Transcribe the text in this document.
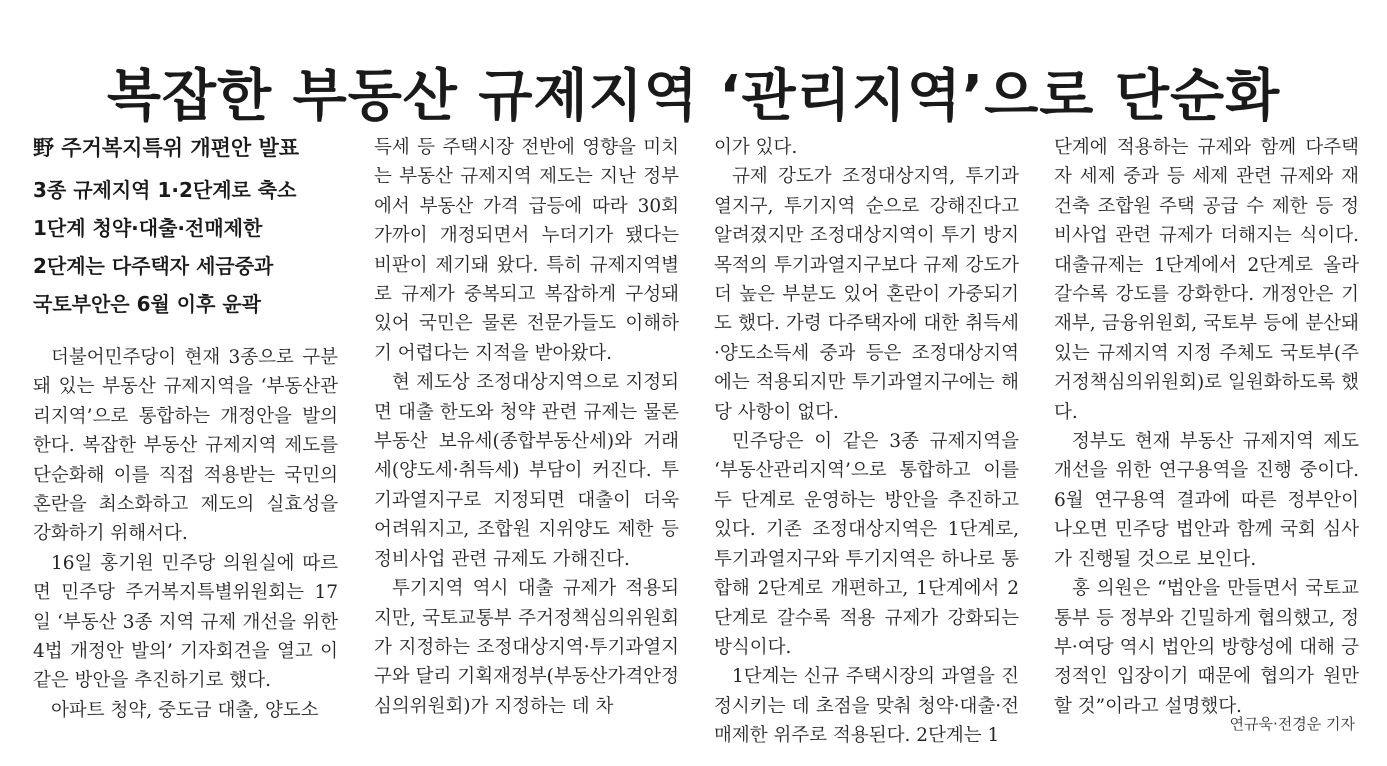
복잡한 부동산 규제지역 ‘관리지역’으로 단순화
野 주거복지특위 개편안 발표
3종 규제지역 1·2단계로 축소
1단계 청약·대출·전매제한
2단계는 다주택자 세금중과
국토부안은 6월 이후 윤곽

더불어민주당이 현재 3종으로 구분돼 있는 부동산 규제지역을 ‘부동산관리지역’으로 통합하는 개정안을 발의한다. 복잡한 부동산 규제지역 제도를 단순화해 이를 직접 적용받는 국민의 혼란을 최소화하고 제도의 실효성을 강화하기 위해서다.

16일 홍기원 민주당 의원실에 따르면 민주당 주거복지특별위원회는 17일 ‘부동산 3종 지역 규제 개선을 위한 4법 개정안 발의’ 기자회견을 열고 이 같은 방안을 추진하기로 했다.

아파트 청약, 중도금 대출, 양도소

득세 등 주택시장 전반에 영향을 미치는 부동산 규제지역 제도는 지난 정부에서 부동산 가격 급등에 따라 30회 가까이 개정되면서 누더기가 됐다는 비판이 제기돼 왔다. 특히 규제지역별로 규제가 중복되고 복잡하게 구성돼 있어 국민은 물론 전문가들도 이해하기 어렵다는 지적을 받아왔다.

현 제도상 조정대상지역으로 지정되면 대출 한도와 청약 관련 규제는 물론 부동산 보유세(종합부동산세)와 거래세(양도세·취득세) 부담이 커진다. 투기과열지구로 지정되면 대출이 더욱 어려워지고, 조합원 지위양도 제한 등 정비사업 관련 규제도 가해진다.

투기지역 역시 대출 규제가 적용되지만, 국토교통부 주거정책심의위원회가 지정하는 조정대상지역·투기과열지구와 달리 기획재정부(부동산가격안정심의위원회)가 지정하는 데 차

이가 있다.

규제 강도가 조정대상지역, 투기과열지구, 투기지역 순으로 강해진다고 알려졌지만 조정대상지역이 투기 방지 목적의 투기과열지구보다 규제 강도가 더 높은 부분도 있어 혼란이 가중되기도 했다. 가령 다주택자에 대한 취득세·양도소득세 중과 등은 조정대상지역에는 적용되지만 투기과열지구에는 해당 사항이 없다.

민주당은 이 같은 3종 규제지역을 ‘부동산관리지역’으로 통합하고 이를 두 단계로 운영하는 방안을 추진하고 있다. 기존 조정대상지역은 1단계로, 투기과열지구와 투기지역은 하나로 통합해 2단계로 개편하고, 1단계에서 2단계로 갈수록 적용 규제가 강화되는 방식이다.

1단계는 신규 주택시장의 과열을 진정시키는 데 초점을 맞춰 청약·대출·전매제한 위주로 적용된다. 2단계는 1

단계에 적용하는 규제와 함께 다주택자 세제 중과 등 세제 관련 규제와 재건축 조합원 주택 공급 수 제한 등 정비사업 관련 규제가 더해지는 식이다. 대출규제는 1단계에서 2단계로 올라갈수록 강도를 강화한다. 개정안은 기재부, 금융위원회, 국토부 등에 분산돼 있는 규제지역 지정 주체도 국토부(주거정책심의위원회)로 일원화하도록 했다.

정부도 현재 부동산 규제지역 제도 개선을 위한 연구용역을 진행 중이다. 6월 연구용역 결과에 따른 정부안이 나오면 민주당 법안과 함께 국회 심사가 진행될 것으로 보인다.

홍 의원은 “법안을 만들면서 국토교통부 등 정부와 긴밀하게 협의했고, 정부·여당 역시 법안의 방향성에 대해 긍정적인 입장이기 때문에 협의가 원만할 것”이라고 설명했다.

연규욱·전경운 기자
